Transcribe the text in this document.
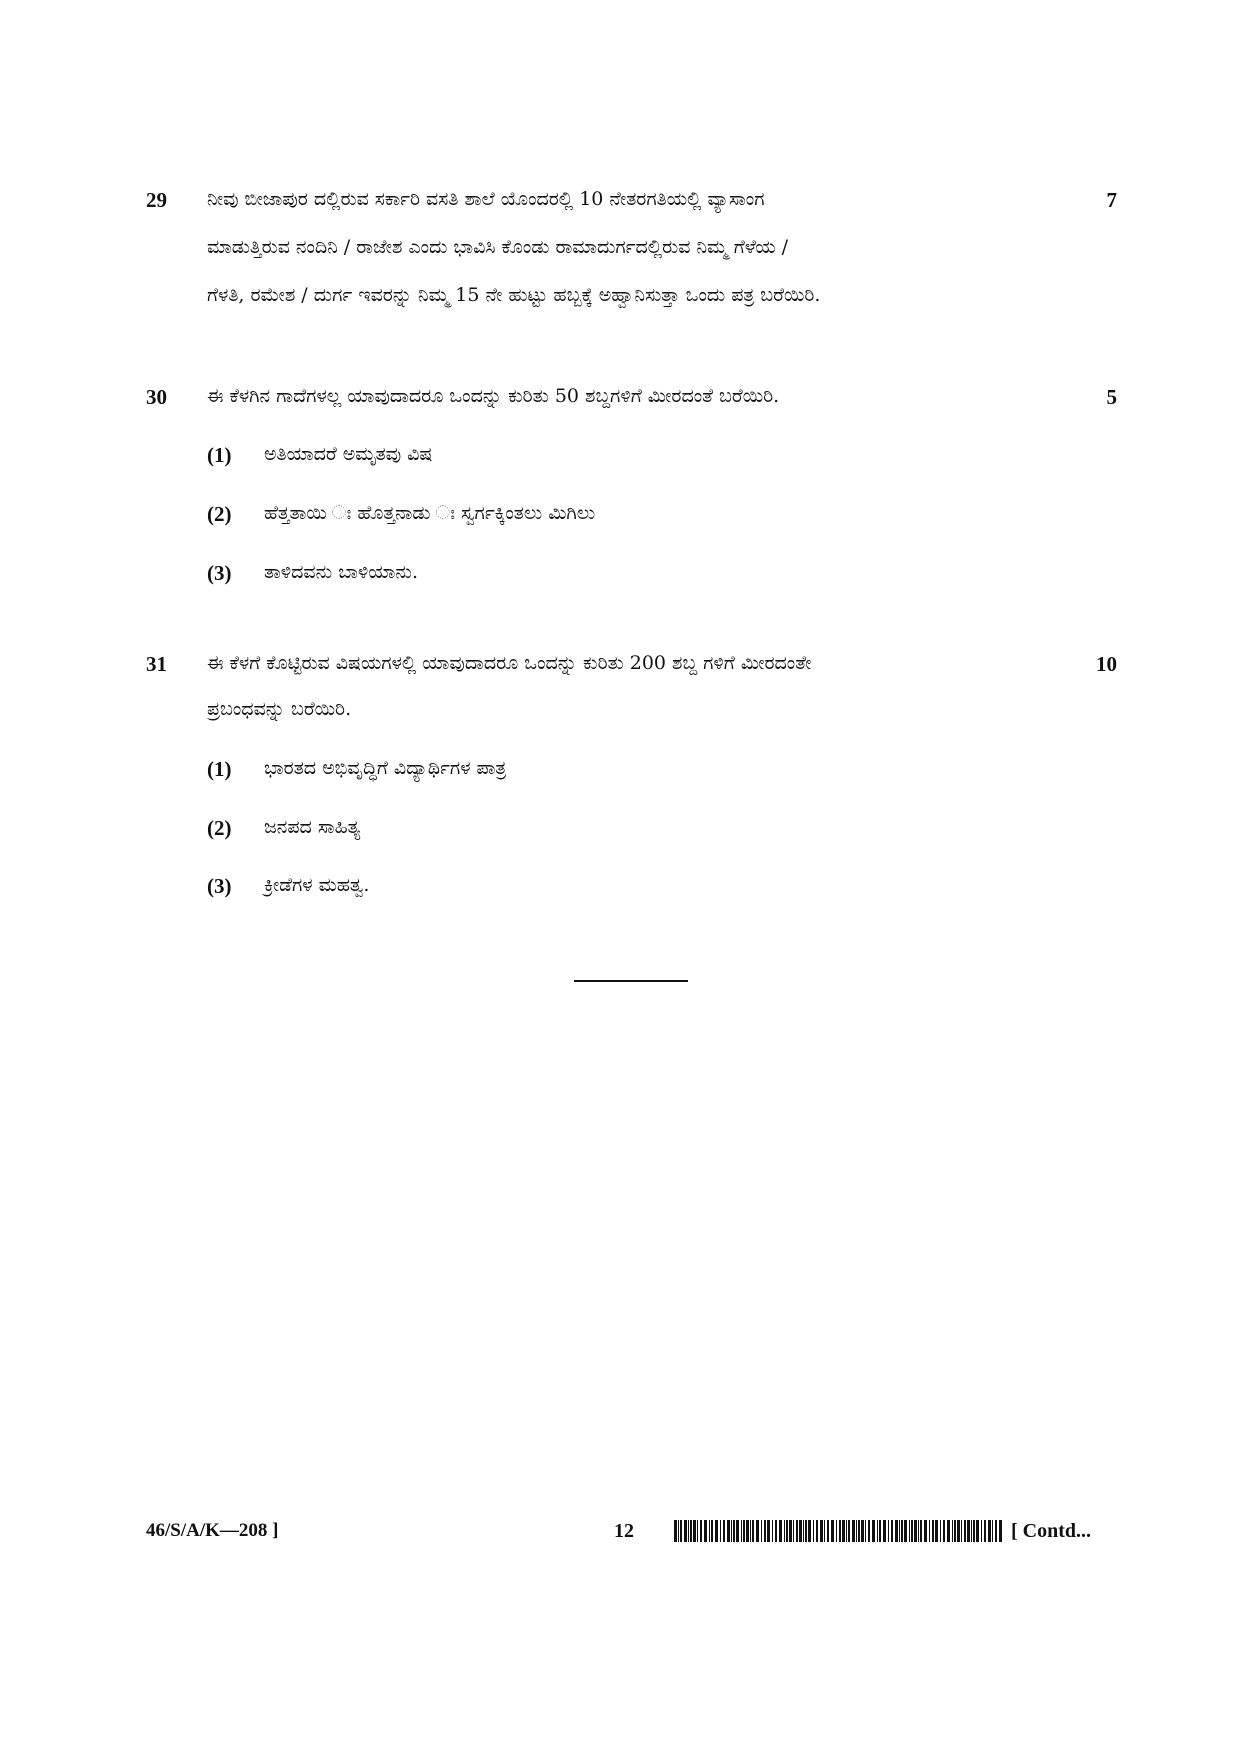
29	7
ನೀವು ಬೀಜಾಪುರ ದಲ್ಲಿರುವ ಸರ್ಕಾರಿ ವಸತಿ ಶಾಲೆ ಯೊಂದರಲ್ಲಿ 10 ನೇತರಗತಿಯಲ್ಲಿ ವ್ಯಾಸಾಂಗ
ಮಾಡುತ್ತಿರುವ ನಂದಿನಿ / ರಾಜೇಶ ಎಂದು ಭಾವಿಸಿ ಕೊಂಡು ರಾಮಾದುರ್ಗದಲ್ಲಿರುವ ನಿಮ್ಮ ಗೆಳೆಯ /
ಗೆಳತಿ, ರಮೇಶ / ದುರ್ಗ ಇವರನ್ನು ನಿಮ್ಮ 15 ನೇ ಹುಟ್ಟು ಹಬ್ಬಕ್ಕೆ ಅಹ್ವಾನಿಸುತ್ತಾ ಒಂದು ಪತ್ರ ಬರೆಯಿರಿ.
30	5
ಈ ಕೆಳಗಿನ ಗಾದೆಗಳಲ್ಲ ಯಾವುದಾದರೂ ಒಂದನ್ನು ಕುರಿತು 50 ಶಬ್ದಗಳಿಗೆ ಮೀರದಂತೆ ಬರೆಯಿರಿ.
(1) ಅತಿಯಾದರೆ ಅಮೃತವು ವಿಷ
(2) ಹೆತ್ತತಾಯಿ ಃ ಹೊತ್ತನಾಡು ಃ ಸ್ವರ್ಗಕ್ಕಿಂತಲು ಮಿಗಿಲು
(3) ತಾಳಿದವನು ಬಾಳಿಯಾನು.
31	10
ಈ ಕೆಳಗೆ ಕೊಟ್ಟಿರುವ ವಿಷಯಗಳಲ್ಲಿ ಯಾವುದಾದರೂ ಒಂದನ್ನು ಕುರಿತು 200 ಶಬ್ದ ಗಳಿಗೆ ಮೀರದಂತೇ
ಪ್ರಬಂಧವನ್ನು ಬರೆಯಿರಿ.
(1) ಭಾರತದ ಅಭಿವೃದ್ಧಿಗೆ ವಿದ್ಯಾರ್ಥಿಗಳ ಪಾತ್ರ
(2) ಜನಪದ ಸಾಹಿತ್ಯ
(3) ಕ್ರೀಡೆಗಳ ಮಹತ್ವ.
46/S/A/K—208 ]	12	[ Contd...
